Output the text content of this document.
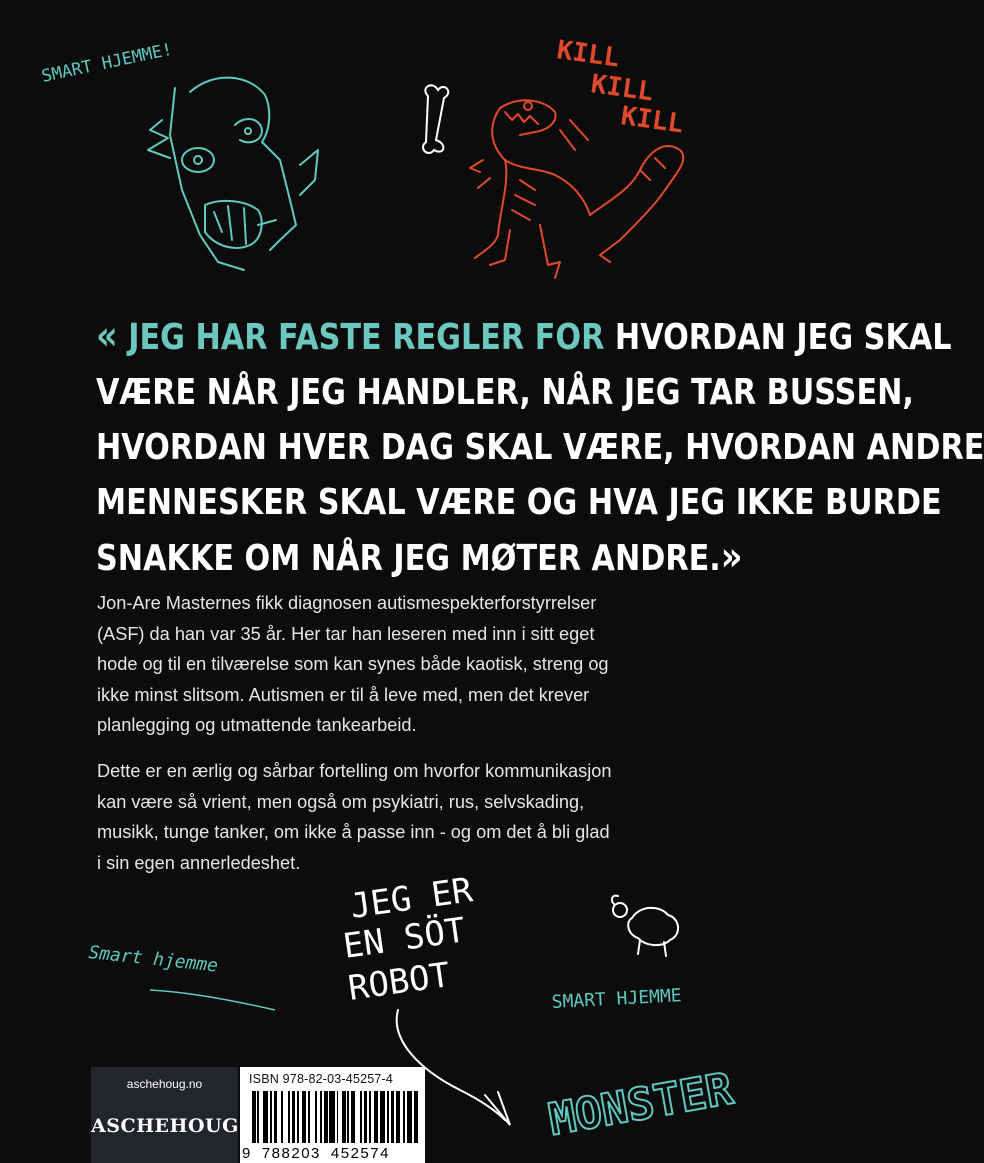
SMART HJEMME!	KILL
KILL
KILL
JEG ER
EN SÖT
ROBOT
Smart hjemme
SMART HJEMME
MONSTER
« JEG HAR FASTE REGLER FOR HVORDAN JEG SKAL
VÆRE NÅR JEG HANDLER, NÅR JEG TAR BUSSEN,
HVORDAN HVER DAG SKAL VÆRE, HVORDAN ANDRE
MENNESKER SKAL VÆRE OG HVA JEG IKKE BURDE
SNAKKE OM NÅR JEG MØTER ANDRE.»
Jon-Are Masternes fikk diagnosen autismespekterforstyrrelser
(ASF) da han var 35 år. Her tar han leseren med inn i sitt eget
hode og til en tilværelse som kan synes både kaotisk, streng og
ikke minst slitsom. Autismen er til å leve med, men det krever
planlegging og utmattende tankearbeid.
Dette er en ærlig og sårbar fortelling om hvorfor kommunikasjon
kan være så vrient, men også om psykiatri, rus, selvskading,
musikk, tunge tanker, om ikke å passe inn - og om det å bli glad
i sin egen annerledeshet.
aschehoug.no
ASCHEHOUG
ISBN 978-82-03-45257-4
9 788203 452574
